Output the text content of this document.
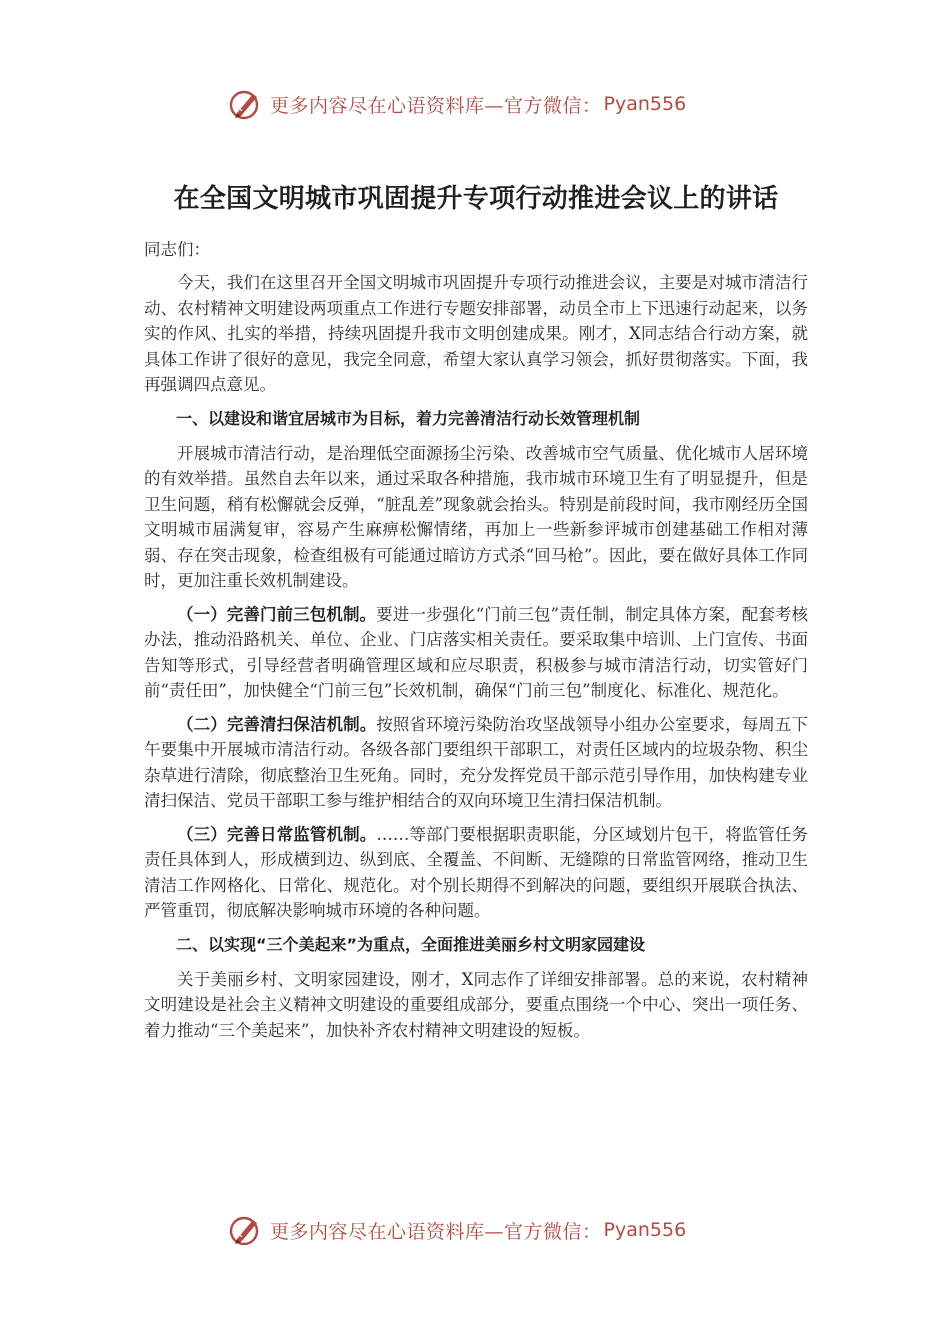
更多内容尽在心语资料库—官方微信： Pyan556
在全国文明城市巩固提升专项行动推进会议上的讲话
同志们：

今天，我们在这里召开全国文明城市巩固提升专项行动推进会议，主要是对城市清洁行动、农村精神文明建设两项重点工作进行专题安排部署，动员全市上下迅速行动起来，以务实的作风、扎实的举措，持续巩固提升我市文明创建成果。刚才，X同志结合行动方案，就具体工作讲了很好的意见，我完全同意，希望大家认真学习领会，抓好贯彻落实。下面，我再强调四点意见。

一、以建设和谐宜居城市为目标，着力完善清洁行动长效管理机制

开展城市清洁行动，是治理低空面源扬尘污染、改善城市空气质量、优化城市人居环境的有效举措。虽然自去年以来，通过采取各种措施，我市城市环境卫生有了明显提升，但是卫生问题，稍有松懈就会反弹，“脏乱差”现象就会抬头。特别是前段时间，我市刚经历全国文明城市届满复审，容易产生麻痹松懈情绪，再加上一些新参评城市创建基础工作相对薄弱、存在突击现象，检查组极有可能通过暗访方式杀“回马枪”。因此，要在做好具体工作同时，更加注重长效机制建设。

（一）完善门前三包机制。要进一步强化“门前三包”责任制，制定具体方案，配套考核办法，推动沿路机关、单位、企业、门店落实相关责任。要采取集中培训、上门宣传、书面告知等形式，引导经营者明确管理区域和应尽职责，积极参与城市清洁行动，切实管好门前“责任田”，加快健全“门前三包”长效机制，确保“门前三包”制度化、标准化、规范化。

（二）完善清扫保洁机制。按照省环境污染防治攻坚战领导小组办公室要求，每周五下午要集中开展城市清洁行动。各级各部门要组织干部职工，对责任区域内的垃圾杂物、积尘杂草进行清除，彻底整治卫生死角。同时，充分发挥党员干部示范引导作用，加快构建专业清扫保洁、党员干部职工参与维护相结合的双向环境卫生清扫保洁机制。

（三）完善日常监管机制。……等部门要根据职责职能，分区域划片包干，将监管任务责任具体到人，形成横到边、纵到底、全覆盖、不间断、无缝隙的日常监管网络，推动卫生清洁工作网格化、日常化、规范化。对个别长期得不到解决的问题，要组织开展联合执法、严管重罚，彻底解决影响城市环境的各种问题。

二、以实现“三个美起来”为重点，全面推进美丽乡村文明家园建设

关于美丽乡村、文明家园建设，刚才，X同志作了详细安排部署。总的来说，农村精神文明建设是社会主义精神文明建设的重要组成部分，要重点围绕一个中心、突出一项任务、着力推动“三个美起来”，加快补齐农村精神文明建设的短板。

更多内容尽在心语资料库—官方微信： Pyan556
